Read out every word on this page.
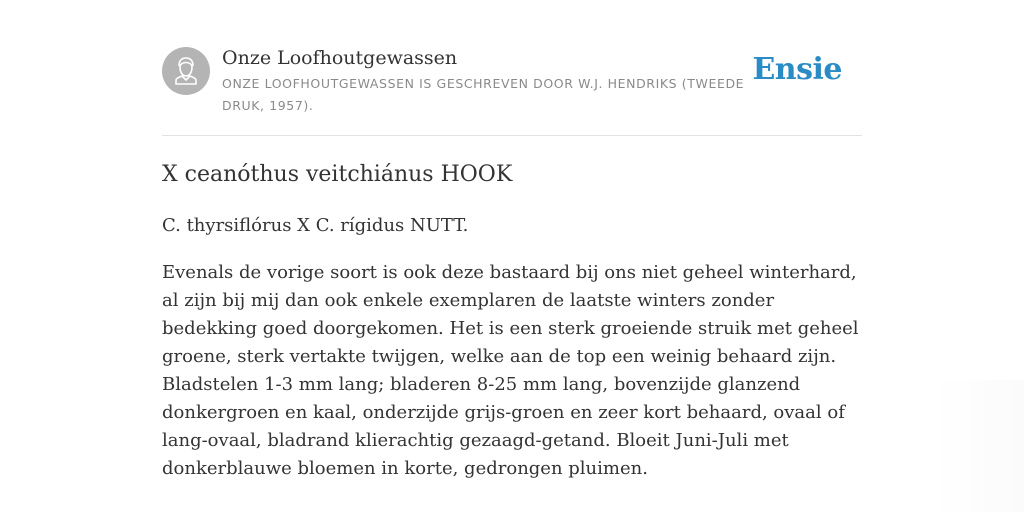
Onze Loofhoutgewassen
ONZE LOOFHOUTGEWASSEN IS GESCHREVEN DOOR W.J. HENDRIKS (TWEEDE DRUK, 1957).
Ensie
X ceanóthus veitchiánus HOOK
C. thyrsiflórus X C. rígidus NUTT.

Evenals de vorige soort is ook deze bastaard bij ons niet geheel winterhard, al zijn bij mij dan ook enkele exemplaren de laatste winters zonder bedekking goed doorgekomen. Het is een sterk groeiende struik met geheel groene, sterk vertakte twijgen, welke aan de top een weinig behaard zijn. Bladstelen 1-3 mm lang; bladeren 8-25 mm lang, bovenzijde glanzend donkergroen en kaal, onderzijde grijs-groen en zeer kort behaard, ovaal of lang-ovaal, bladrand klierachtig gezaagd-getand. Bloeit Juni-Juli met donkerblauwe bloemen in korte, gedrongen pluimen.
